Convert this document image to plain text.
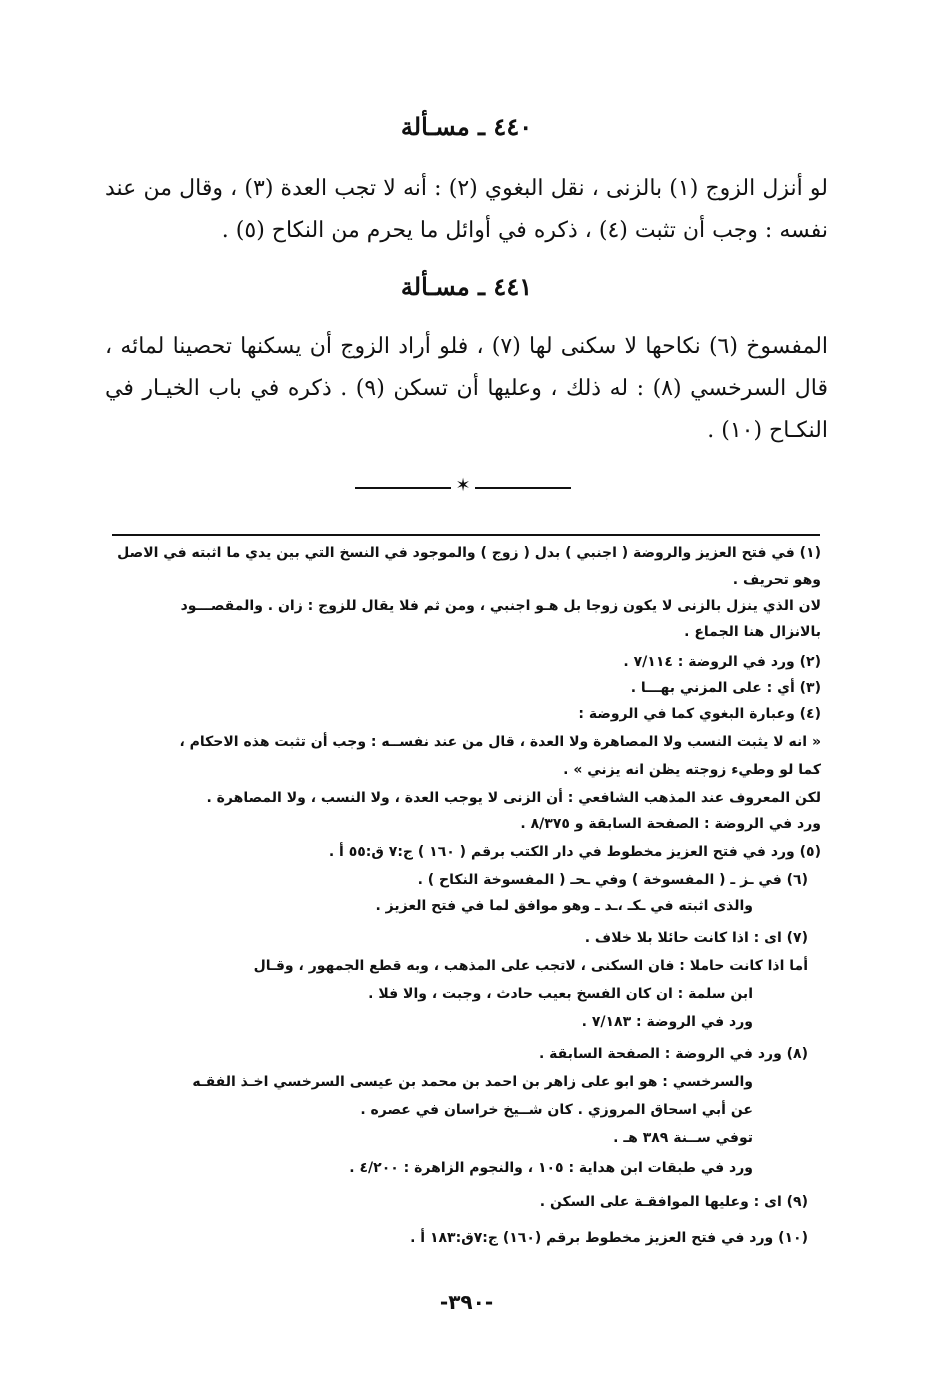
٤٤٠ ـ مسـألة
لو أنزل الزوج (١) بالزنى ، نقل البغوي (٢) : أنه لا تجب العدة (٣) ، وقال من عند نفسه : وجب أن تثبت (٤) ، ذكره في أوائل ما يحرم من النكاح (٥) .
٤٤١ ـ مسـألة
المفسوخ (٦) نكاحها لا سكنى لها (٧) ، فلو أراد الزوج أن يسكنها تحصينا لمائه ، قال السرخسي (٨) : له ذلك ، وعليها أن تسكن (٩) . ذكره في باب الخيـار في النكـاح (١٠) .
✶
(١) في فتح العزيز والروضة ( اجنبي ) بدل ( زوج ) والموجود في النسخ التي بين يدي ما اثبته في الاصل
وهو تحريف .
لان الذي ينزل بالزنى لا يكون زوجا بل هـو اجنبي ، ومن ثم فلا يقال للزوج : زان . والمقصـــود
بالانزال هنا الجماع .
(٢) ورد في الروضة : ٧/١١٤ .
(٣) أي : على المزني بهـــا .
(٤) وعبارة البغوي كما في الروضة :
« انه لا يثبت النسب ولا المصاهرة ولا العدة ، قال من عند نفســه : وجب أن تثبت هذه الاحكام ،
كما لو وطيء زوجته يظن انه يزني » .
لكن المعروف عند المذهب الشافعي : أن الزنى لا يوجب العدة ، ولا النسب ، ولا المصاهرة .
ورد في الروضة : الصفحة السابقة و ٨/٣٧٥ .
(٥) ورد في فتح العزيز مخطوط في دار الكتب برقم ( ١٦٠ ) ج:٧ ق:٥٥ أ .
(٦) في ـز ـ ( المفسوخة ) وفي ـحـ ( المفسوخة النكاح ) .
والذى اثبته في ـكـ ،ـد ـ وهو موافق لما في فتح العزيز .
(٧) اى : اذا كانت حائلا بلا خلاف .
أما اذا كانت حاملا : فان السكنى ، لاتجب على المذهب ، وبه قطع الجمهور ، وقـال
ابن سلمة : ان كان الفسخ بعيب حادث ، وجبت ، والا فلا .
ورد في الروضة : ٧/١٨٣ .
(٨) ورد في الروضة : الصفحة السابقة .
والسرخسي : هو ابو على زاهر بن احمد بن محمد بن عيسى السرخسي اخـذ الفقـه
عن أبي اسحاق المروزي . كان شــيخ خراسان في عصره .
توفي ســنة ٣٨٩ هـ .
ورد في طبقات ابن هداية : ١٠٥ ، والنجوم الزاهرة : ٤/٢٠٠ .
(٩) اى : وعليها الموافقـة على السكن .
(١٠) ورد في فتح العزيز مخطوط برقم (١٦٠) ج:٧ق:١٨٣ أ .
-٣٩٠-
